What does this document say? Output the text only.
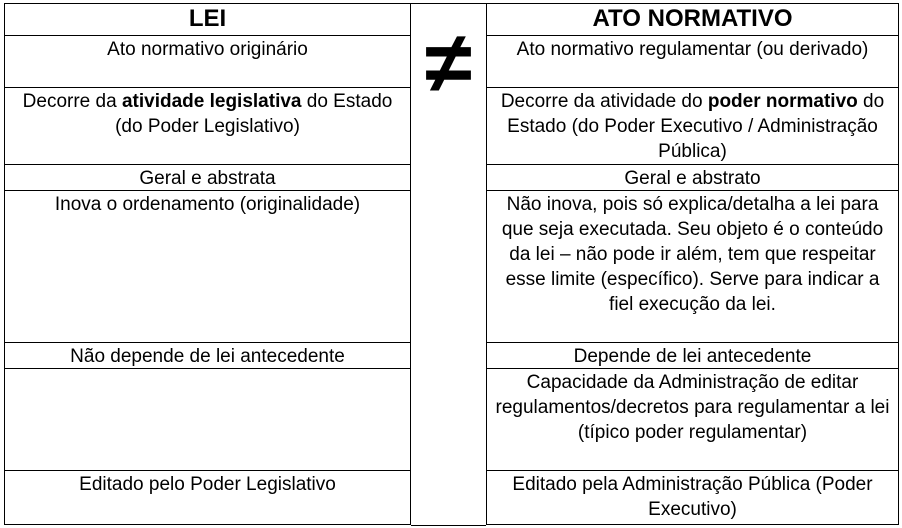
LEI
Ato normativo originário
Decorre da atividade legislativa do Estado (do Poder Legislativo)
Geral e abstrata
Inova o ordenamento (originalidade)
Não depende de lei antecedente
Editado pelo Poder Legislativo
≠	ATO NORMATIVO
Ato normativo regulamentar (ou derivado)
Decorre da atividade do poder normativo do Estado (do Poder Executivo / Administração Pública)
Geral e abstrato
Não inova, pois só explica/detalha a lei para que seja executada. Seu objeto é o conteúdo da lei – não pode ir além, tem que respeitar esse limite (específico). Serve para indicar a fiel execução da lei.
Depende de lei antecedente
Capacidade da Administração de editar regulamentos/decretos para regulamentar a lei (típico poder regulamentar)
Editado pela Administração Pública (Poder Executivo)
